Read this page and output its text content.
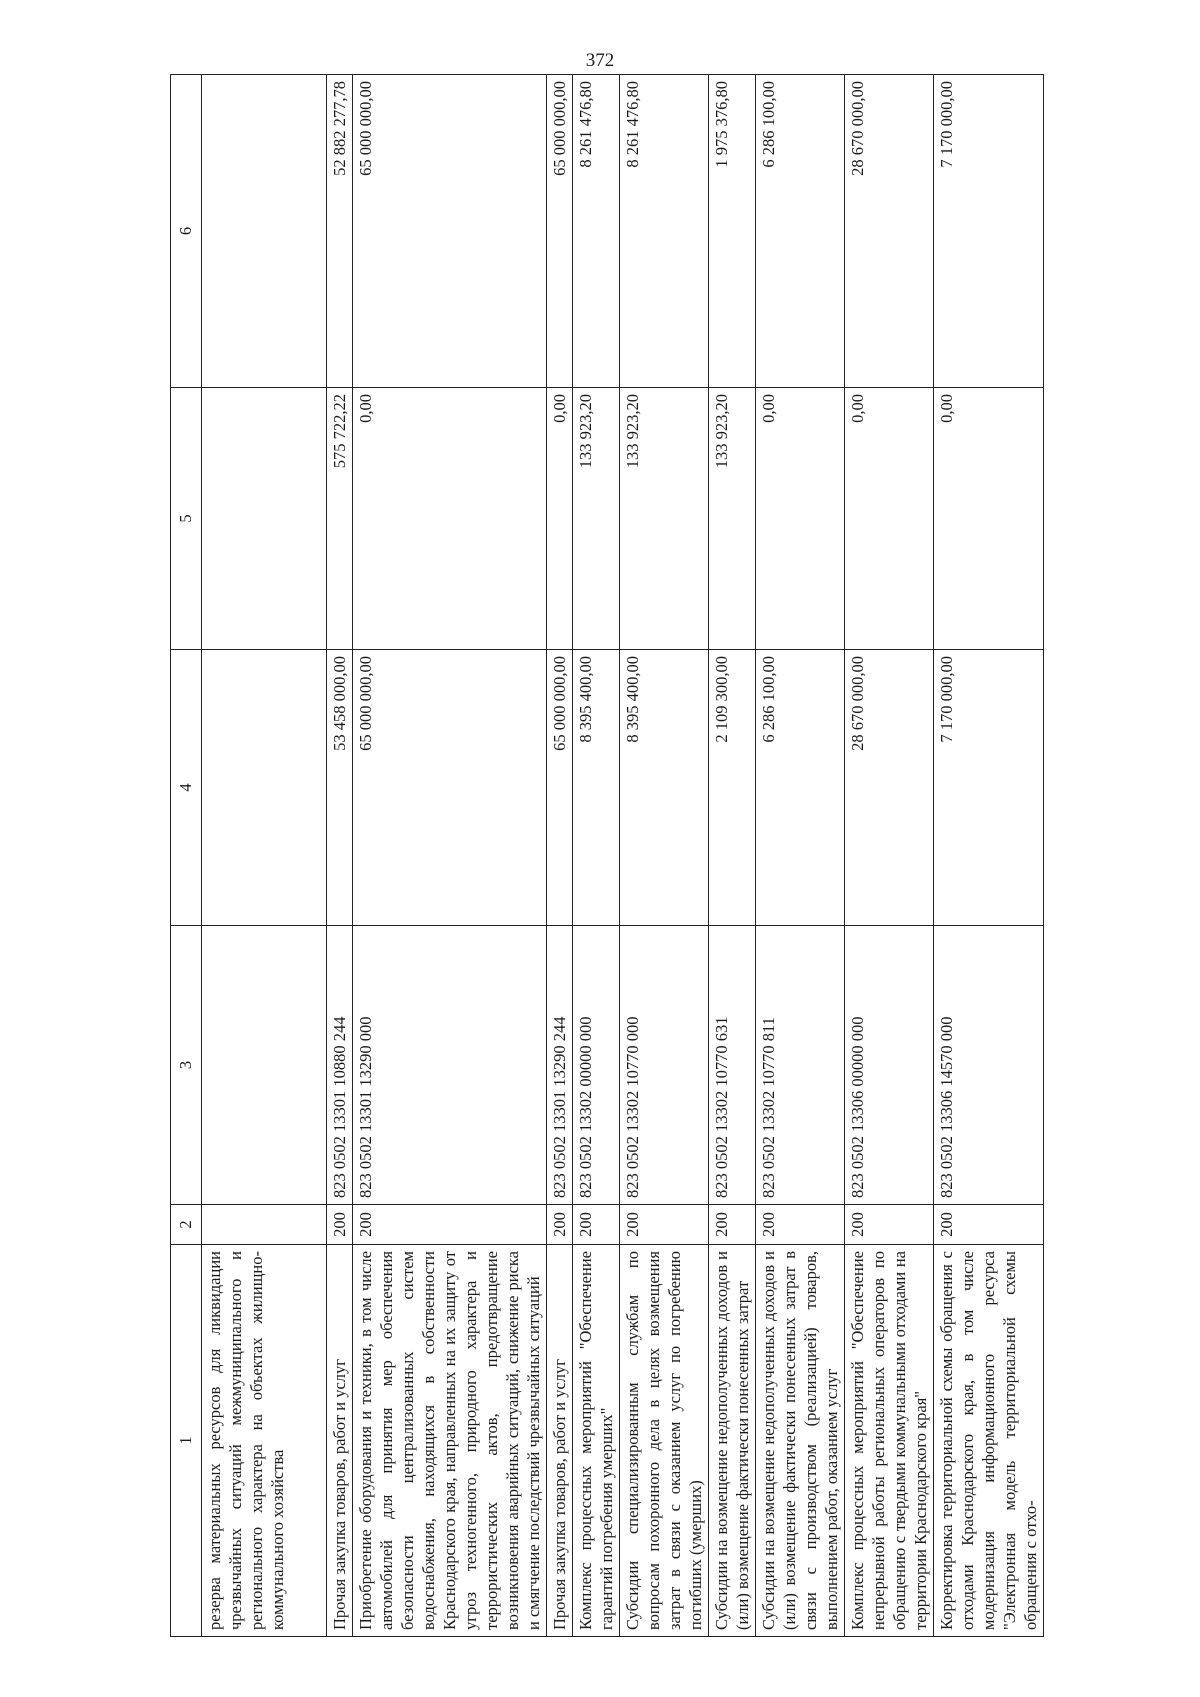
372
1	2	3	4	5	6
резерва материальных ресурсов для ликвидации чрезвычайных ситуаций межмуниципального и регионального характера на объектах жилищно-коммунального хозяйства					
Прочая закупка товаров, работ и услуг	200	823 0502 13301 10880 244	53 458 000,00	575 722,22	52 882 277,78
Приобретение оборудования и техники, в том числе автомобилей для принятия мер обеспечения безопасности централизованных систем водоснабжения, находящихся в собственности Краснодарского края, направленных на их защиту от угроз техногенного, природного характера и террористических актов, предотвращение возникновения аварийных ситуаций, снижение риска и смягчение последствий чрезвычайных ситуаций	200	823 0502 13301 13290 000	65 000 000,00	0,00	65 000 000,00
Прочая закупка товаров, работ и услуг	200	823 0502 13301 13290 244	65 000 000,00	0,00	65 000 000,00
Комплекс процессных мероприятий "Обеспечение гарантий погребения умерших"	200	823 0502 13302 00000 000	8 395 400,00	133 923,20	8 261 476,80
Субсидии специализированным службам по вопросам похоронного дела в целях возмещения затрат в связи с оказанием услуг по погребению погибших (умерших)	200	823 0502 13302 10770 000	8 395 400,00	133 923,20	8 261 476,80
Субсидии на возмещение недополученных доходов и (или) возмещение фактически понесенных затрат	200	823 0502 13302 10770 631	2 109 300,00	133 923,20	1 975 376,80
Субсидии на возмещение недополученных доходов и (или) возмещение фактически понесенных затрат в связи с производством (реализацией) товаров, выполнением работ, оказанием услуг	200	823 0502 13302 10770 811	6 286 100,00	0,00	6 286 100,00
Комплекс процессных мероприятий "Обеспечение непрерывной работы региональных операторов по обращению с твердыми коммунальными отходами на территории Краснодарского края"	200	823 0502 13306 00000 000	28 670 000,00	0,00	28 670 000,00
Корректировка территориальной схемы обращения с отходами Краснодарского края, в том числе модернизация информационного ресурса "Электронная модель территориальной схемы обращения с отхо-	200	823 0502 13306 14570 000	7 170 000,00	0,00	7 170 000,00
